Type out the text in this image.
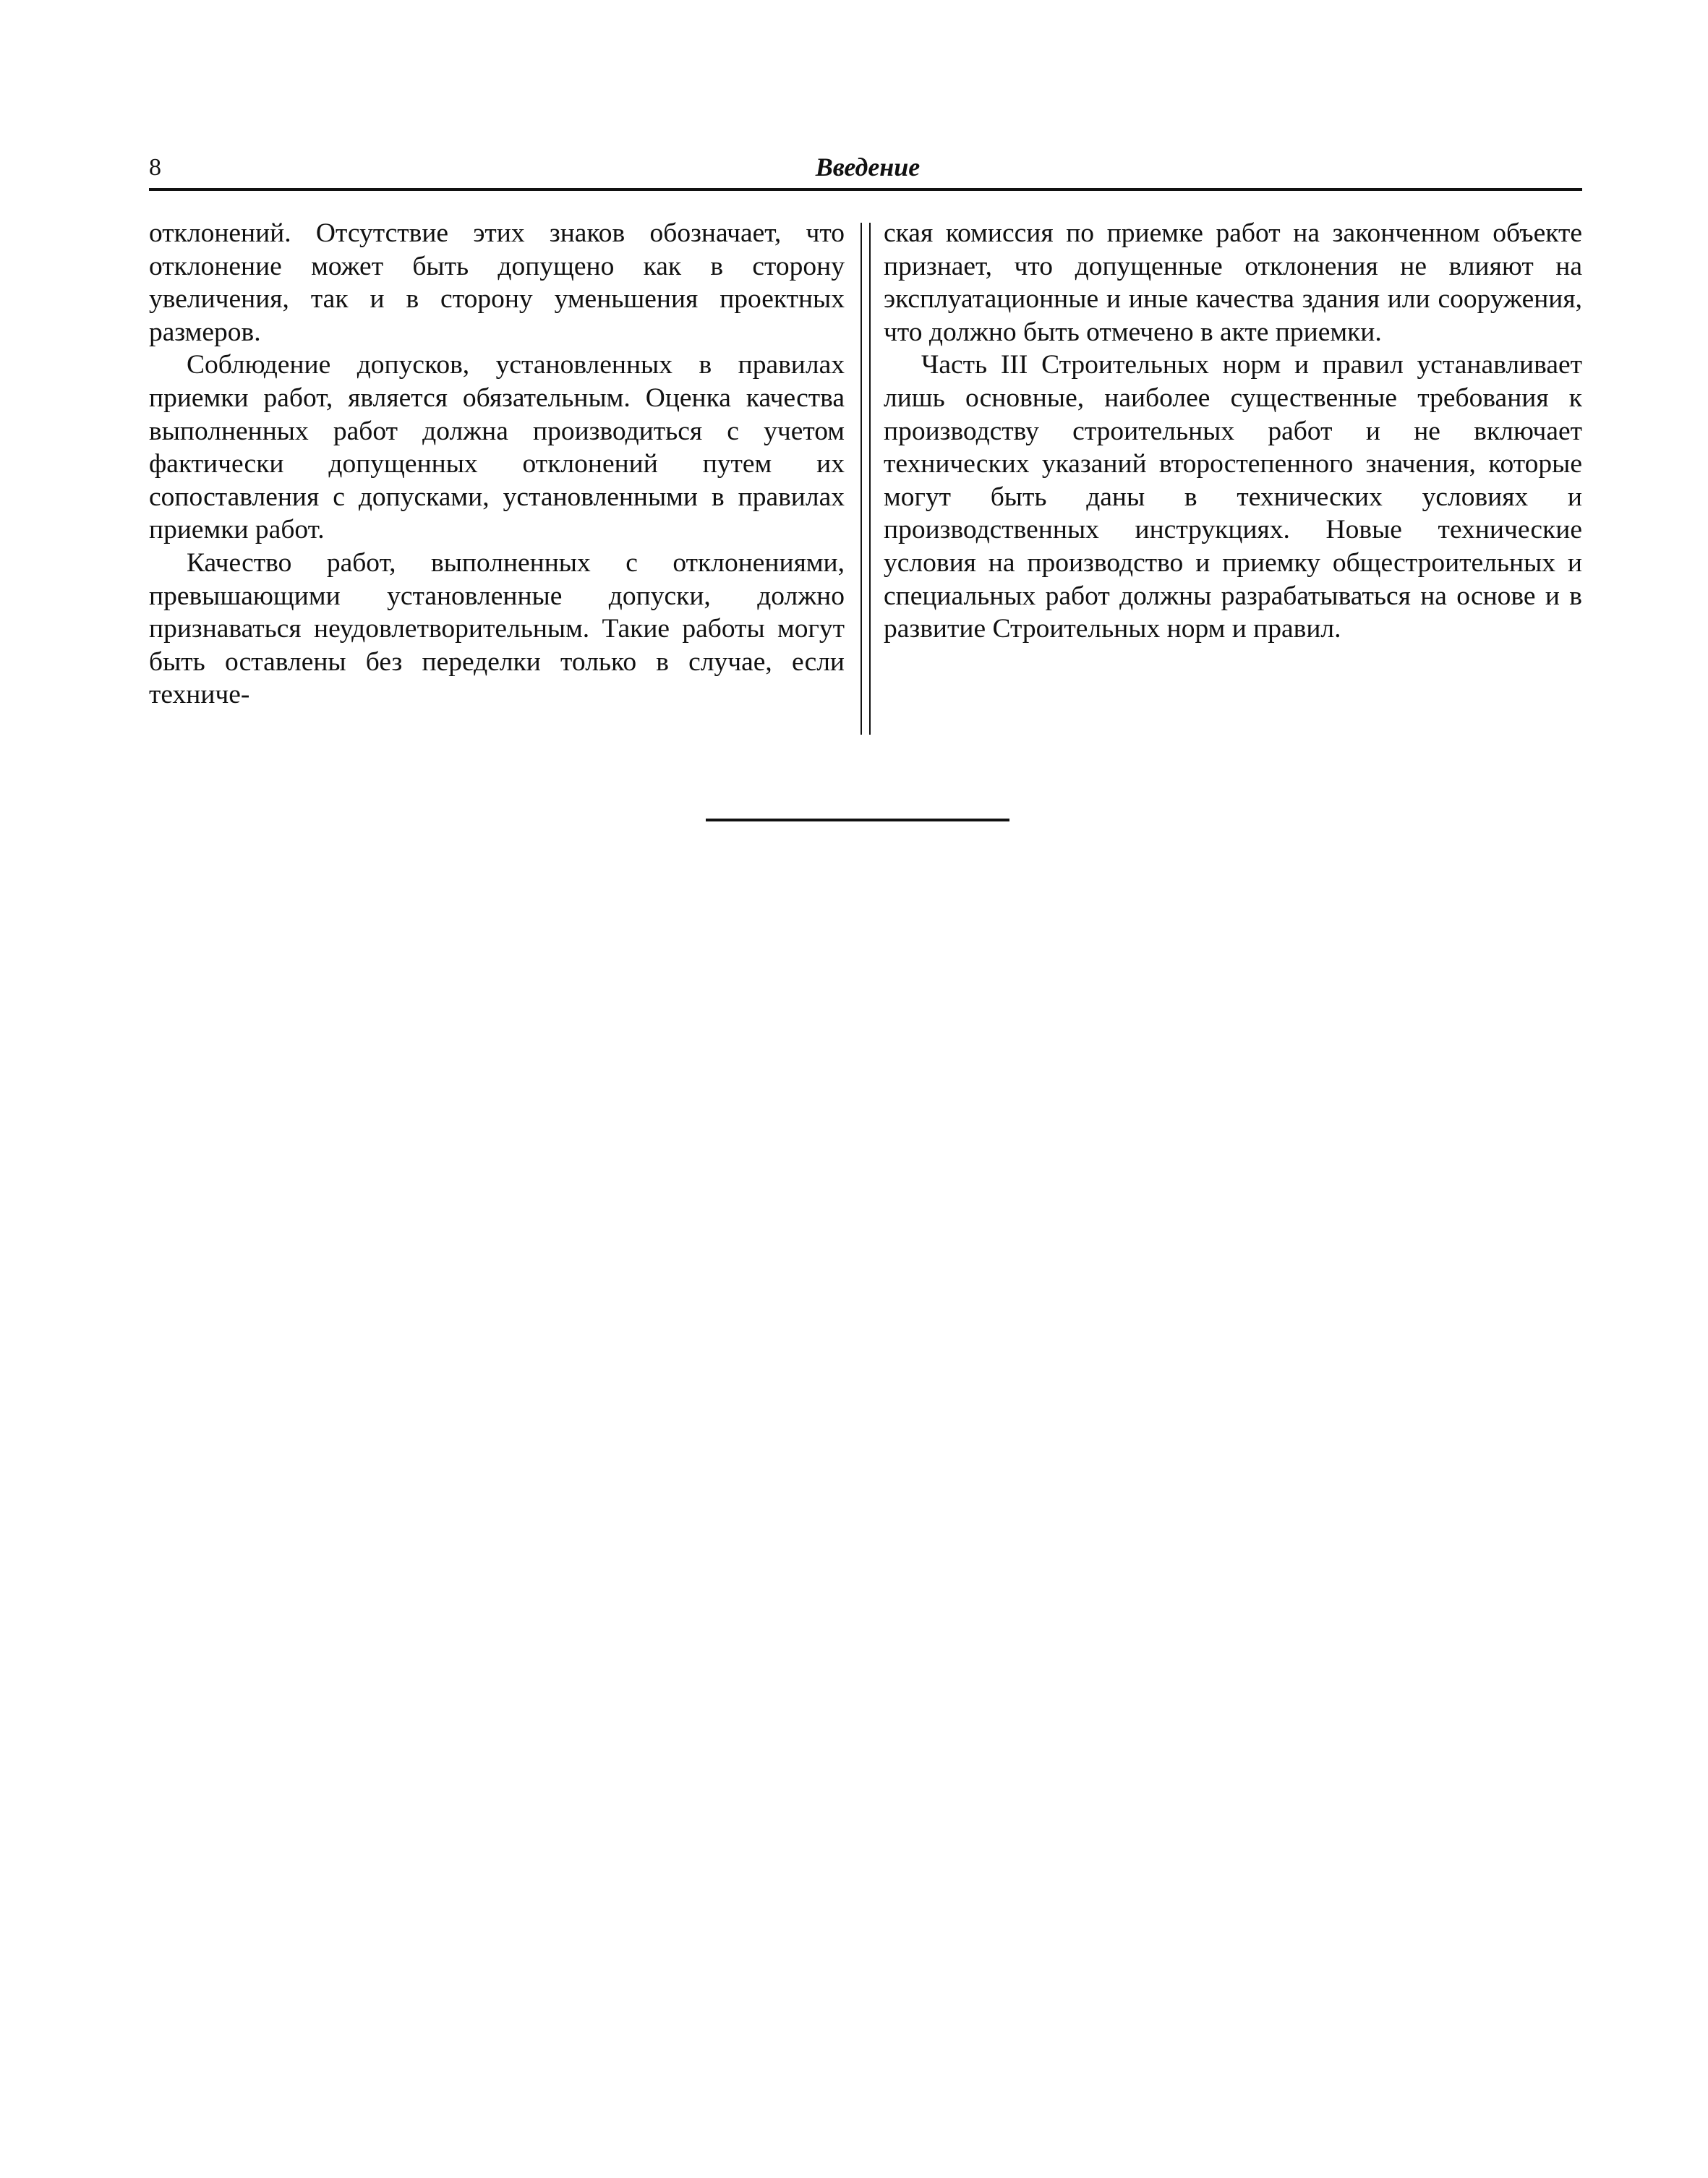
8	Введение

отклонений. Отсутствие этих знаков обозначает, что отклонение может быть допущено как в сторону увеличения, так и в сторону уменьшения проектных размеров.

Соблюдение допусков, установленных в правилах приемки работ, является обязательным. Оценка качества выполненных работ должна производиться с учетом фактически допущенных отклонений путем их сопоставления с допусками, установленными в правилах приемки работ.

Качество работ, выполненных с отклонениями, превышающими установленные допуски, должно признаваться неудовлетворительным. Такие работы могут быть оставлены без переделки только в случае, если техниче-

ская комиссия по приемке работ на законченном объекте признает, что допущенные отклонения не влияют на эксплуатационные и иные качества здания или сооружения, что должно быть отмечено в акте приемки.

Часть III Строительных норм и правил устанавливает лишь основные, наиболее существенные требования к производству строительных работ и не включает технических указаний второстепенного значения, которые могут быть даны в технических условиях и производственных инструкциях. Новые технические условия на производство и приемку общестроительных и специальных работ должны разрабатываться на основе и в развитие Строительных норм и правил.
